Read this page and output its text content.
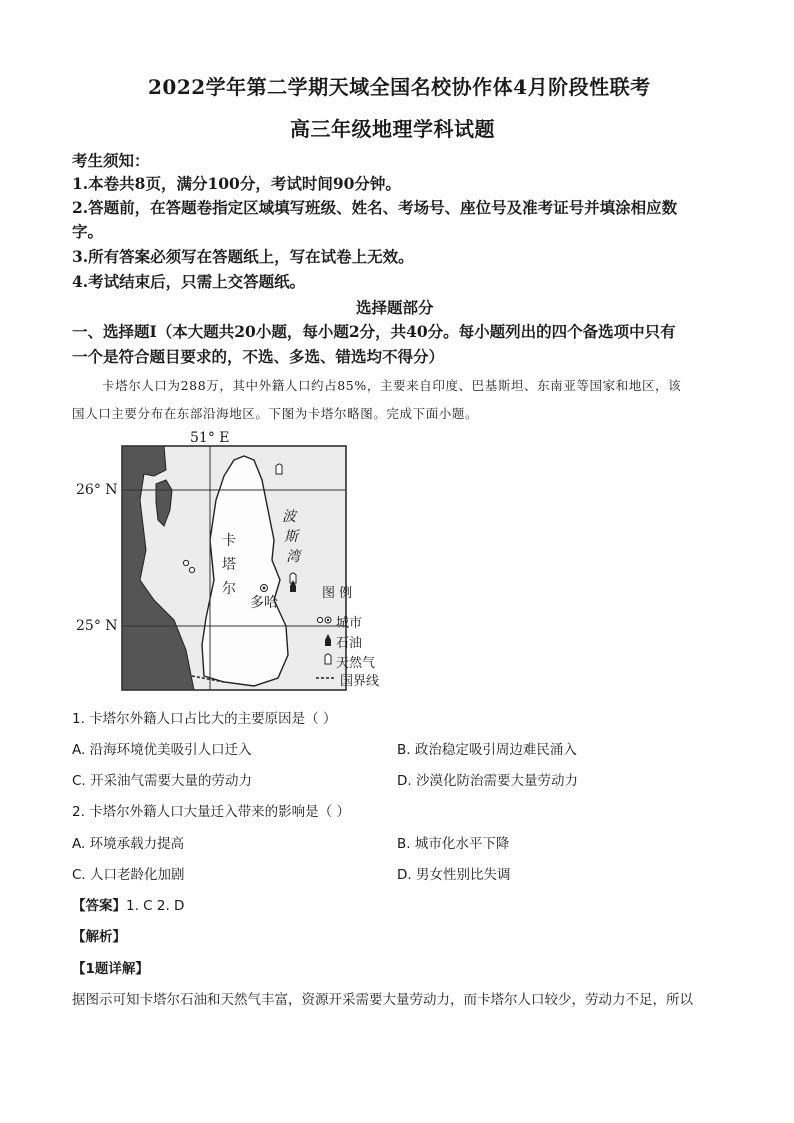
2022学年第二学期天域全国名校协作体4月阶段性联考
高三年级地理学科试题
考生须知：
1.本卷共8页，满分100分，考试时间90分钟。
2.答题前，在答题卷指定区域填写班级、姓名、考场号、座位号及准考证号并填涂相应数
字。
3.所有答案必须写在答题纸上，写在试卷上无效。
4.考试结束后，只需上交答题纸。
选择题部分
一、选择题Ⅰ（本大题共20小题，每小题2分，共40分。每小题列出的四个备选项中只有
一个是符合题目要求的，不选、多选、错选均不得分）
卡塔尔人口为288万，其中外籍人口约占85%，主要来自印度、巴基斯坦、东南亚等国家和地区，该
国人口主要分布在东部沿海地区。下图为卡塔尔略图。完成下面小题。
51° E
26° N
25° N
卡
塔
尔
波
斯
湾
多哈
图 例
城市
石油
天然气
国界线
1. 卡塔尔外籍人口占比大的主要原因是（ ）
A. 沿海环境优美吸引人口迁入	B. 政治稳定吸引周边难民涌入
C. 开采油气需要大量的劳动力	D. 沙漠化防治需要大量劳动力
2. 卡塔尔外籍人口大量迁入带来的影响是（ ）
A. 环境承载力提高	B. 城市化水平下降
C. 人口老龄化加剧	D. 男女性别比失调
【答案】1. C 2. D
【解析】
【1题详解】
据图示可知卡塔尔石油和天然气丰富，资源开采需要大量劳动力，而卡塔尔人口较少，劳动力不足，所以
